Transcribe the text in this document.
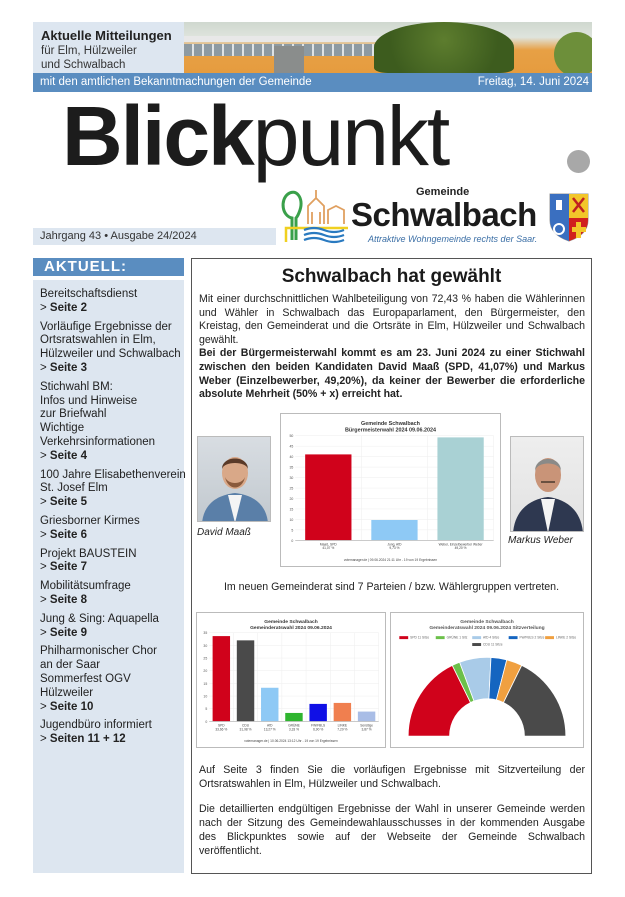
Aktuelle Mitteilungen
für Elm, Hülzweiler
und Schwalbach
mit den amtlichen Bekanntmachungen der Gemeinde	Freitag, 14. Juni 2024
Blickpunkt
Jahrgang 43 • Ausgabe 24/2024
Gemeinde
Schwalbach
Attraktive Wohngemeinde rechts der Saar.
AKTUELL:
Bereitschaftsdienst
> Seite 2
Vorläufige Ergebnisse der
Ortsratswahlen in Elm,
Hülzweiler und Schwalbach
> Seite 3
Stichwahl BM:
Infos und Hinweise
zur Briefwahl
Wichtige
Verkehrsinformationen
> Seite 4
100 Jahre Elisabethenverein
St. Josef Elm
> Seite 5
Griesborner Kirmes
> Seite 6
Projekt BAUSTEIN
> Seite 7
Mobilitätsumfrage
> Seite 8
Jung & Sing: Aquapella
> Seite 9
Philharmonischer Chor
an der Saar
Sommerfest OGV
Hülzweiler
> Seite 10
Jugendbüro informiert
> Seiten 11 + 12
Schwalbach hat gewählt
Mit einer durchschnittlichen Wahlbeteiligung von 72,43 % haben die Wählerinnen und Wähler in Schwalbach das Europaparlament, den Bürgermeister, den Kreistag, den Gemeinderat und die Ortsräte in Elm, Hülzweiler und Schwalbach gewählt.
Bei der Bürgermeisterwahl kommt es am 23. Juni 2024 zu einer Stichwahl zwischen den beiden Kandidaten David Maaß (SPD, 41,07%) und Markus Weber (Einzelbewerber, 49,20%), da keiner der Bewerber die erforderliche absolute Mehrheit (50% + x) erreicht hat.
David Maaß
Gemeinde Schwalbach
Bürgermeisterwahl 2024 09.06.2024
0
5
10
15
20
25
30
35
40
45
50
Maaß, SPD
41,07 %
Jung, AfD
9,73 %
Weber, Einzelbewerber Weber
49,20 %
votemanager.de | 09.06.2024 21:11 Uhr - 19 von 19 Ergebnissen
Markus Weber
Im neuen Gemeinderat sind 7 Parteien / bzw. Wählergruppen vertreten.
Gemeinde Schwalbach
Gemeinderatswahl 2024 09.06.2024
0
5
10
15
20
25
30
35
SPD
33,66 %
CDU
31,98 %
AfD
13,27 %
GRÜNE
3,33 %
FW/FBLS
6,90 %
LINKE
7,29 %
Sonstige
3,87 %
votemanager.de | 10.06.2024 13:12 Uhr - 19 von 19 Ergebnissen
Gemeinde Schwalbach
Gemeinderatswahl 2024 09.06.2024 Sitzverteilung
SPD 11 Sitze	GRÜNE 1 Sitz	AfD 4 Sitze	FW/FBLS 2 Sitze	LINKE 2 Sitze
CDU 11 Sitze
Auf Seite 3 finden Sie die vorläufigen Ergebnisse mit Sitzverteilung der Ortsratswahlen in Elm, Hülzweiler und Schwalbach.
Die detaillierten endgültigen Ergebnisse der Wahl in unserer Gemeinde werden nach der Sitzung des Gemeindewahlausschusses in der kommenden Ausgabe des Blickpunktes sowie auf der Webseite der Gemeinde Schwalbach veröffentlicht.
